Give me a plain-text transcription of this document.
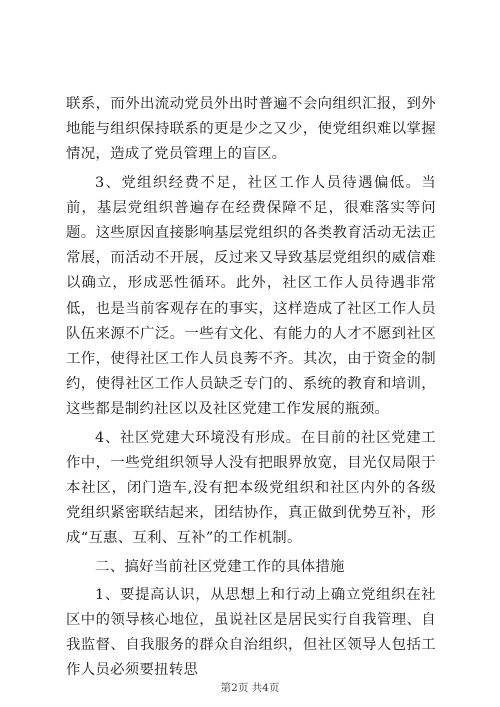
联系，而外出流动党员外出时普遍不会向组织汇报，到外地能与组织保持联系的更是少之又少，使党组织难以掌握情况，造成了党员管理上的盲区。

3、党组织经费不足，社区工作人员待遇偏低。当前，基层党组织普遍存在经费保障不足，很难落实等问题。这些原因直接影响基层党组织的各类教育活动无法正常展，而活动不开展，反过来又导致基层党组织的威信难以确立，形成恶性循环。此外，社区工作人员待遇非常低，也是当前客观存在的事实，这样造成了社区工作人员队伍来源不广泛。一些有文化、有能力的人才不愿到社区工作，使得社区工作人员良莠不齐。其次，由于资金的制约，使得社区工作人员缺乏专门的、系统的教育和培训，这些都是制约社区以及社区党建工作发展的瓶颈。

4、社区党建大环境没有形成。在目前的社区党建工作中，一些党组织领导人没有把眼界放宽，目光仅局限于本社区，闭门造车,没有把本级党组织和社区内外的各级党组织紧密联结起来，团结协作，真正做到优势互补，形成“互惠、互利、互补”的工作机制。

二、搞好当前社区党建工作的具体措施

1、要提高认识，从思想上和行动上确立党组织在社区中的领导核心地位，虽说社区是居民实行自我管理、自我监督、自我服务的群众自治组织，但社区领导人包括工作人员必须要扭转思

第2页 共4页
